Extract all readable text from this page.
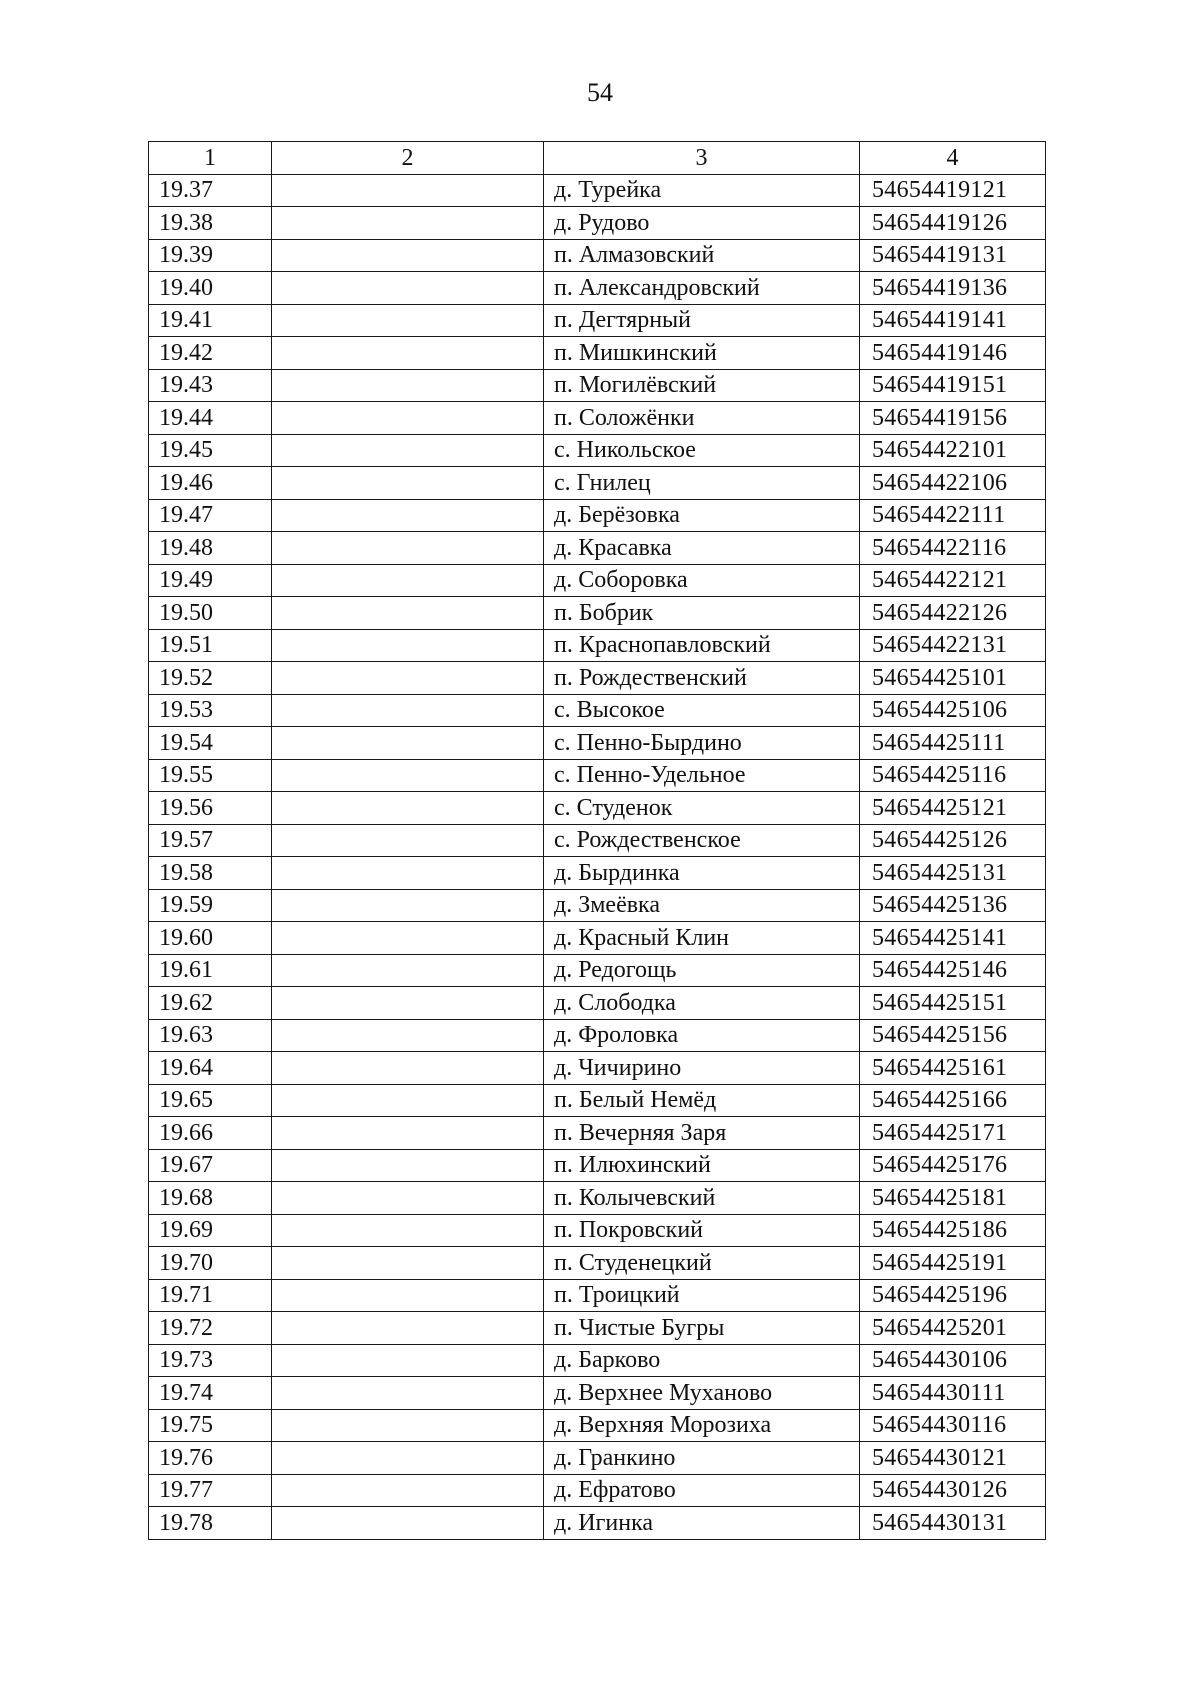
54
1	2	3	4
19.37		д. Турейка	54654419121
19.38		д. Рудово	54654419126
19.39		п. Алмазовский	54654419131
19.40		п. Александровский	54654419136
19.41		п. Дегтярный	54654419141
19.42		п. Мишкинский	54654419146
19.43		п. Могилёвский	54654419151
19.44		п. Соложёнки	54654419156
19.45		с. Никольское	54654422101
19.46		с. Гнилец	54654422106
19.47		д. Берёзовка	54654422111
19.48		д. Красавка	54654422116
19.49		д. Соборовка	54654422121
19.50		п. Бобрик	54654422126
19.51		п. Краснопавловский	54654422131
19.52		п. Рождественский	54654425101
19.53		с. Высокое	54654425106
19.54		с. Пенно-Бырдино	54654425111
19.55		с. Пенно-Удельное	54654425116
19.56		с. Студенок	54654425121
19.57		с. Рождественское	54654425126
19.58		д. Бырдинка	54654425131
19.59		д. Змеёвка	54654425136
19.60		д. Красный Клин	54654425141
19.61		д. Редогощь	54654425146
19.62		д. Слободка	54654425151
19.63		д. Фроловка	54654425156
19.64		д. Чичирино	54654425161
19.65		п. Белый Немёд	54654425166
19.66		п. Вечерняя Заря	54654425171
19.67		п. Илюхинский	54654425176
19.68		п. Колычевский	54654425181
19.69		п. Покровский	54654425186
19.70		п. Студенецкий	54654425191
19.71		п. Троицкий	54654425196
19.72		п. Чистые Бугры	54654425201
19.73		д. Барково	54654430106
19.74		д. Верхнее Муханово	54654430111
19.75		д. Верхняя Морозиха	54654430116
19.76		д. Гранкино	54654430121
19.77		д. Ефратово	54654430126
19.78		д. Игинка	54654430131
